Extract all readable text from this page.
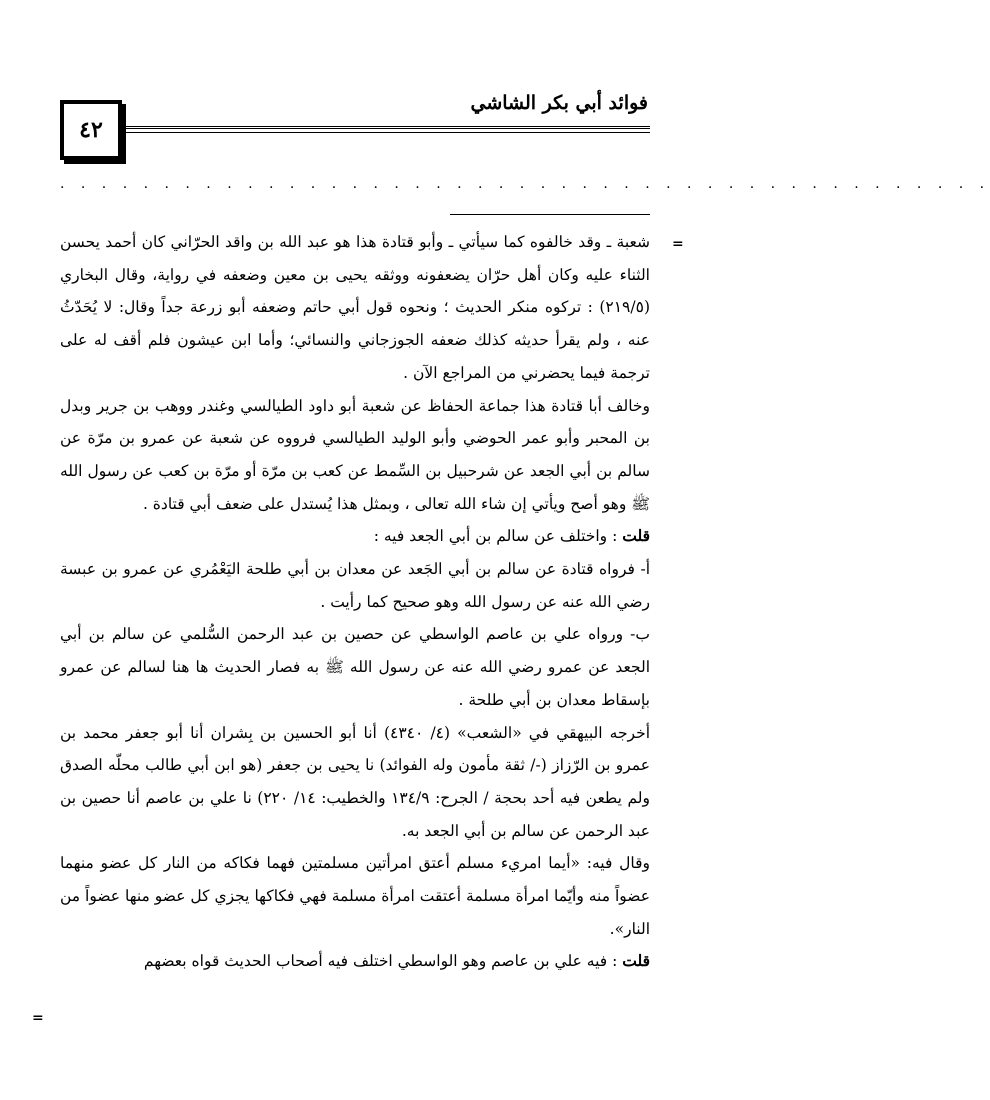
٤٢
فوائد أبي بكر الشاشي
. . . . . . . . . . . . . . . . . . . . . . . . . . . . . . . . . . . . . . . . . . . . .
=
=

شعبة ـ وقد خالفوه كما سيأتي ـ وأبو قتادة هذا هو عبد الله بن واقد الحرّاني كان أحمد يحسن الثناء عليه وكان أهل حرّان يضعفونه ووثقه يحيى بن معين وضعفه في رواية، وقال البخاري (٢١٩/٥) : تركوه منكر الحديث ؛ ونحوه قول أبي حاتم وضعفه أبو زرعة جداً وقال: لا يُحَدّثُ عنه ، ولم يقرأ حديثه كذلك ضعفه الجوزجاني والنسائي؛ وأما ابن عيشون فلم أقف له على ترجمة فيما يحضرني من المراجع الآن .

وخالف أبا قتادة هذا جماعة الحفاظ عن شعبة أبو داود الطيالسي وغندر ووهب بن جرير وبدل بن المحبر وأبو عمر الحوضي وأبو الوليد الطيالسي فرووه عن شعبة عن عمرو بن مرّة عن سالم بن أبي الجعد عن شرحبيل بن السِّمط عن كعب بن مرّة أو مرّة بن كعب عن رسول الله ﷺ وهو أصح ويأتي إن شاء الله تعالى ، وبمثل هذا يُستدل على ضعف أبي قتادة .

قلت : واختلف عن سالم بن أبي الجعد فيه :

أ- فرواه قتادة عن سالم بن أبي الجَعد عن معدان بن أبي طلحة اليَعْمُري عن عمرو بن عبسة رضي الله عنه عن رسول الله وهو صحيح كما رأيت .

ب- ورواه علي بن عاصم الواسطي عن حصين بن عبد الرحمن السُّلمي عن سالم بن أبي الجعد عن عمرو رضي الله عنه عن رسول الله ﷺ به فصار الحديث ها هنا لسالم عن عمرو بإسقاط معدان بن أبي طلحة .

أخرجه البيهقي في «الشعب» (٤/ ٤٣٤٠) أنا أبو الحسين بن بِشران أنا أبو جعفر محمد بن عمرو بن الرّزاز (-/ ثقة مأمون وله الفوائد) نا يحيى بن جعفر (هو ابن أبي طالب محلّه الصدق ولم يطعن فيه أحد بحجة / الجرح: ١٣٤/٩ والخطيب: ١٤/ ٢٢٠) نا علي بن عاصم أنا حصين بن عبد الرحمن عن سالم بن أبي الجعد به.

وقال فيه: «أيما امريء مسلم أعتق امرأتين مسلمتين فهما فكاكه من النار كل عضو منهما عضواً منه وأيّما امرأة مسلمة أعتقت امرأة مسلمة فهي فكاكها يجزي كل عضو منها عضواً من النار».

قلت : فيه علي بن عاصم وهو الواسطي اختلف فيه أصحاب الحديث قواه بعضهم
